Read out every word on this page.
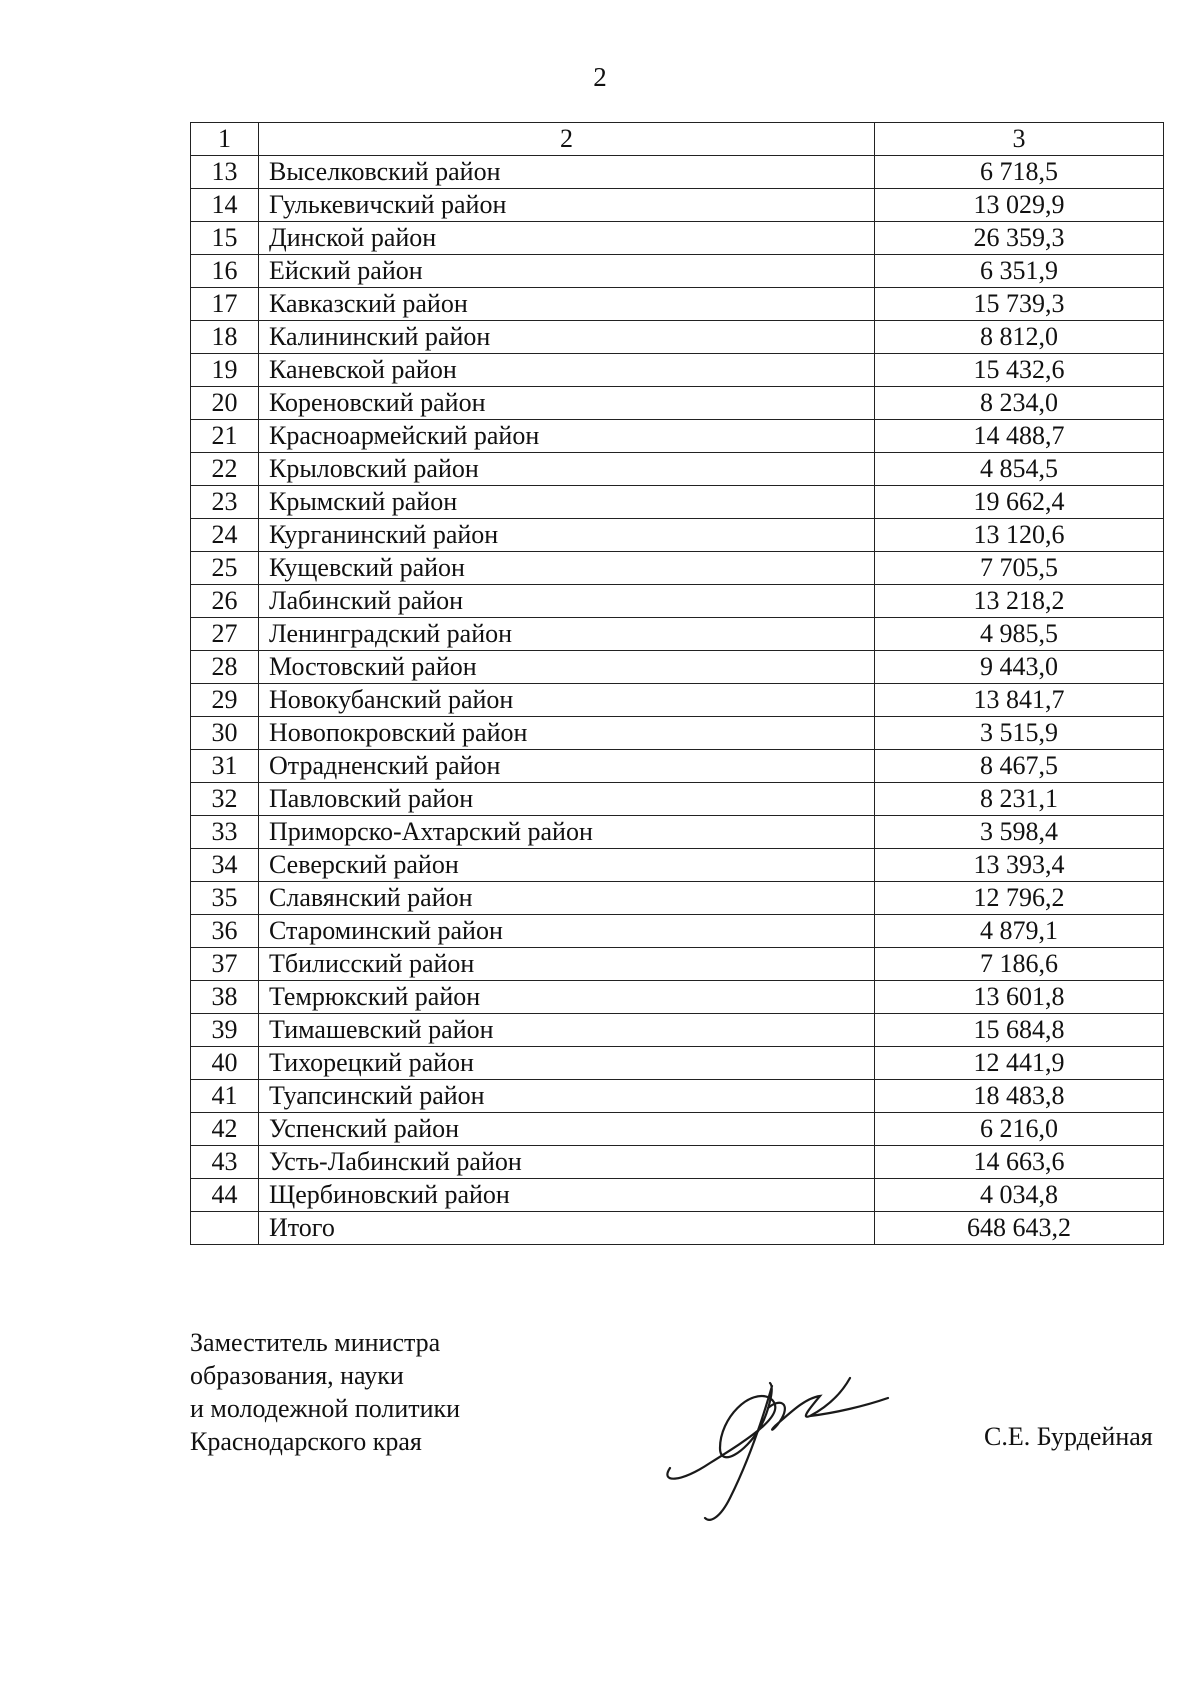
2
1	2	3
13	Выселковский район	6 718,5
14	Гулькевичский район	13 029,9
15	Динской район	26 359,3
16	Ейский район	6 351,9
17	Кавказский район	15 739,3
18	Калининский район	8 812,0
19	Каневской район	15 432,6
20	Кореновский район	8 234,0
21	Красноармейский район	14 488,7
22	Крыловский район	4 854,5
23	Крымский район	19 662,4
24	Курганинский район	13 120,6
25	Кущевский район	7 705,5
26	Лабинский район	13 218,2
27	Ленинградский район	4 985,5
28	Мостовский район	9 443,0
29	Новокубанский район	13 841,7
30	Новопокровский район	3 515,9
31	Отрадненский район	8 467,5
32	Павловский район	8 231,1
33	Приморско-Ахтарский район	3 598,4
34	Северский район	13 393,4
35	Славянский район	12 796,2
36	Староминский район	4 879,1
37	Тбилисский район	7 186,6
38	Темрюкский район	13 601,8
39	Тимашевский район	15 684,8
40	Тихорецкий район	12 441,9
41	Туапсинский район	18 483,8
42	Успенский район	6 216,0
43	Усть-Лабинский район	14 663,6
44	Щербиновский район	4 034,8
	Итого	648 643,2
Заместитель министра
образования, науки
и молодежной политики
Краснодарского края	С.Е. Бурдейная
